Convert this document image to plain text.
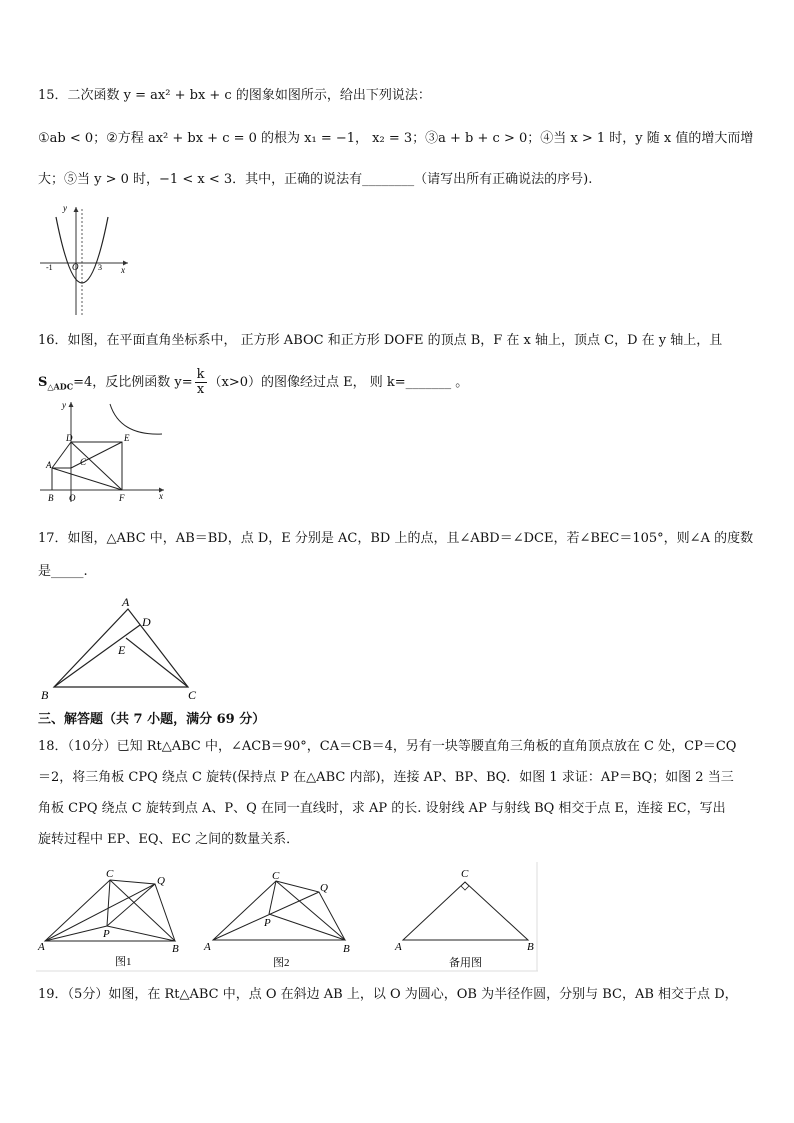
15．二次函数 y = ax² + bx + c 的图象如图所示，给出下列说法：
①ab < 0；②方程 ax² + bx + c = 0 的根为 x₁ = −1， x₂ = 3；③a + b + c > 0；④当 x > 1 时，y 随 x 值的增大而增
大；⑤当 y > 0 时，−1 < x < 3．其中，正确的说法有________（请写出所有正确说法的序号).
y
x
-1 O 3
16．如图，在平面直角坐标系中， 正方形 ABOC 和正方形 DOFE 的顶点 B，F 在 x 轴上，顶点 C，D 在 y 轴上，且
$S_{\triangle ADC}=4$，反比例函数 $y= \frac{k}{x} (x>0)$的图像经过点 E， 则 k=_______ 。
y
x
D	E
A	C
B O	F
17．如图，△ABC 中，AB＝BD，点 D，E 分别是 AC，BD 上的点，且∠ABD＝∠DCE，若∠BEC＝105°，则∠A 的度数
是_____.
A
D
E
B	C
三、解答题（共 7 小题，满分 69 分）
18．（10分）已知 Rt△ABC 中，∠ACB＝90°，CA＝CB＝4，另有一块等腰直角三角板的直角顶点放在 C 处，CP＝CQ
＝2，将三角板 CPQ 绕点 C 旋转(保持点 P 在△ABC 内部)，连接 AP、BP、BQ．如图 1 求证：AP＝BQ；如图 2 当三
角板 CPQ 绕点 C 旋转到点 A、P、Q 在同一直线时，求 AP 的长. 设射线 AP 与射线 BQ 相交于点 E，连接 EC，写出
旋转过程中 EP、EQ、EC 之间的数量关系．
C
Q
P
A	B
图1
C
Q
P
A	B
图2
C
A	B
备用图
19．（5分）如图，在 Rt△ABC 中，点 O 在斜边 AB 上，以 O 为圆心，OB 为半径作圆，分别与 BC，AB 相交于点 D，
